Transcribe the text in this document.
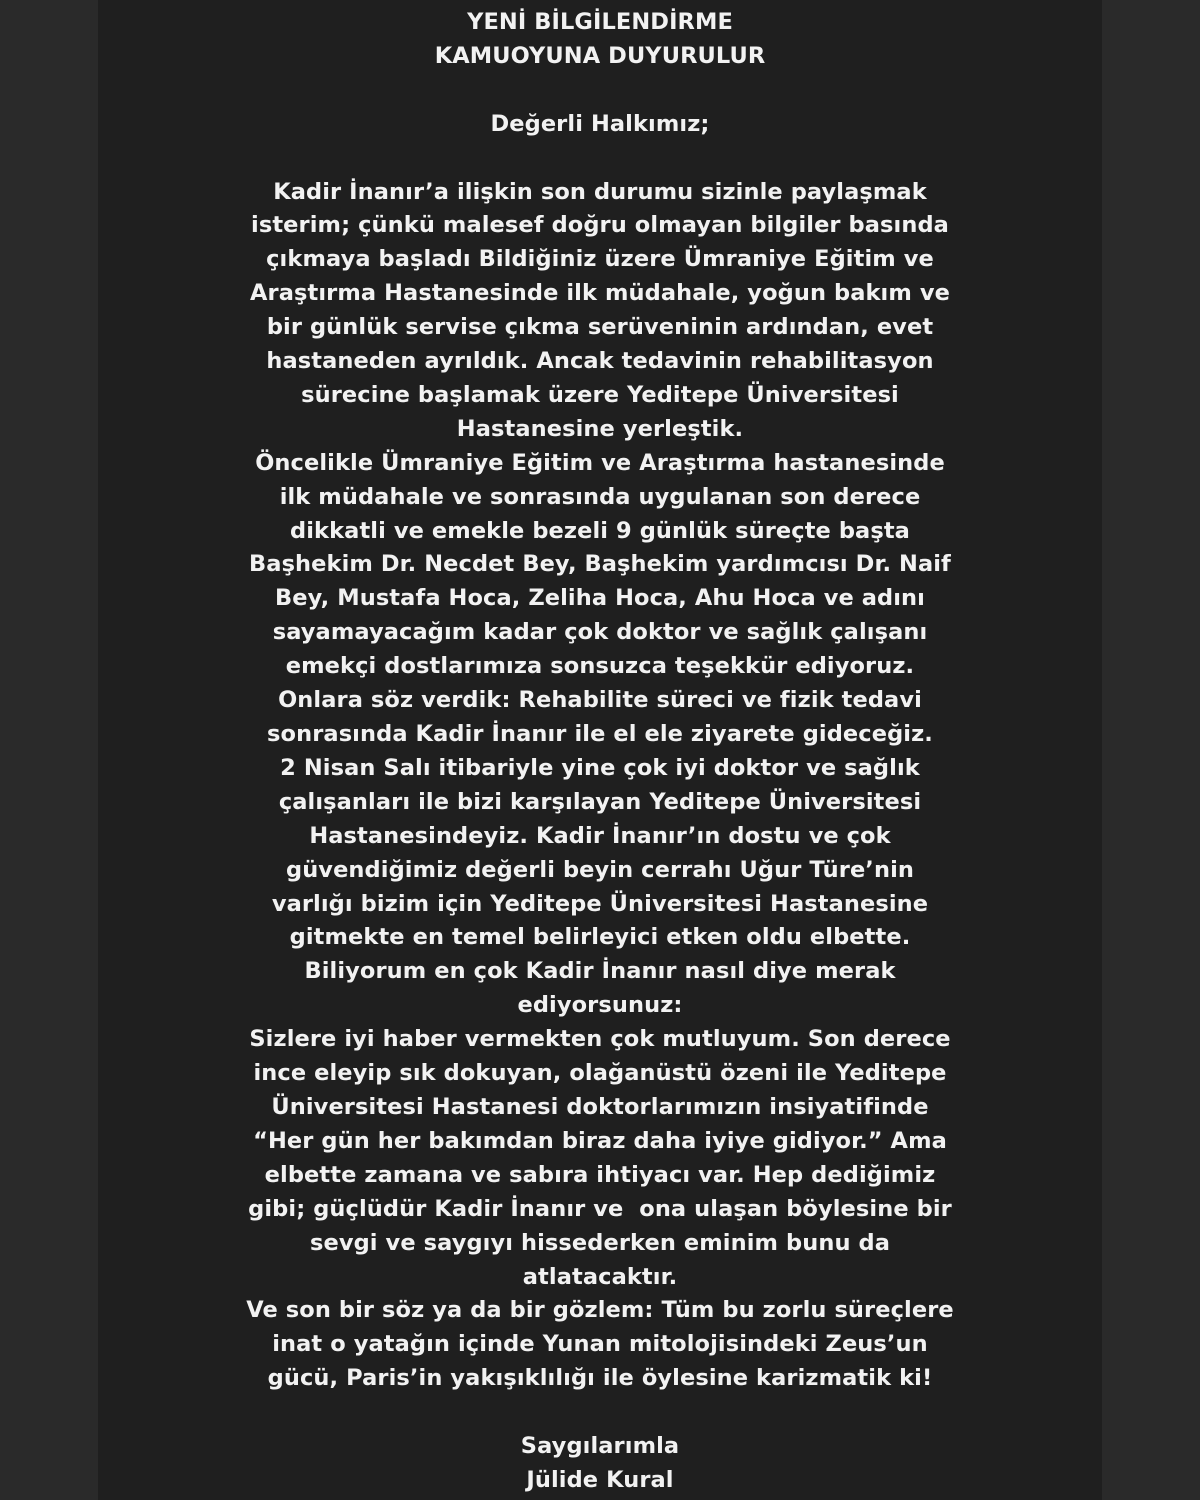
YENİ BİLGİLENDİRME
KAMUOYUNA DUYURULUR
Değerli Halkımız;
Kadir İnanır’a ilişkin son durumu sizinle paylaşmak
isterim; çünkü malesef doğru olmayan bilgiler basında
çıkmaya başladı Bildiğiniz üzere Ümraniye Eğitim ve
Araştırma Hastanesinde ilk müdahale, yoğun bakım ve
bir günlük servise çıkma serüveninin ardından, evet
hastaneden ayrıldık. Ancak tedavinin rehabilitasyon
sürecine başlamak üzere Yeditepe Üniversitesi
Hastanesine yerleştik.
Öncelikle Ümraniye Eğitim ve Araştırma hastanesinde
ilk müdahale ve sonrasında uygulanan son derece
dikkatli ve emekle bezeli 9 günlük süreçte başta
Başhekim Dr. Necdet Bey, Başhekim yardımcısı Dr. Naif
Bey, Mustafa Hoca, Zeliha Hoca, Ahu Hoca ve adını
sayamayacağım kadar çok doktor ve sağlık çalışanı
emekçi dostlarımıza sonsuzca teşekkür ediyoruz.
Onlara söz verdik: Rehabilite süreci ve fizik tedavi
sonrasında Kadir İnanır ile el ele ziyarete gideceğiz.
2 Nisan Salı itibariyle yine çok iyi doktor ve sağlık
çalışanları ile bizi karşılayan Yeditepe Üniversitesi
Hastanesindeyiz. Kadir İnanır’ın dostu ve çok
güvendiğimiz değerli beyin cerrahı Uğur Türe’nin
varlığı bizim için Yeditepe Üniversitesi Hastanesine
gitmekte en temel belirleyici etken oldu elbette.
Biliyorum en çok Kadir İnanır nasıl diye merak
ediyorsunuz:
Sizlere iyi haber vermekten çok mutluyum. Son derece
ince eleyip sık dokuyan, olağanüstü özeni ile Yeditepe
Üniversitesi Hastanesi doktorlarımızın insiyatifinde
“Her gün her bakımdan biraz daha iyiye gidiyor.” Ama
elbette zamana ve sabıra ihtiyacı var. Hep dediğimiz
gibi; güçlüdür Kadir İnanır ve  ona ulaşan böylesine bir
sevgi ve saygıyı hissederken eminim bunu da
atlatacaktır.
Ve son bir söz ya da bir gözlem: Tüm bu zorlu süreçlere
inat o yatağın içinde Yunan mitolojisindeki Zeus’un
gücü, Paris’in yakışıklılığı ile öylesine karizmatik ki!
Saygılarımla
Jülide Kural
